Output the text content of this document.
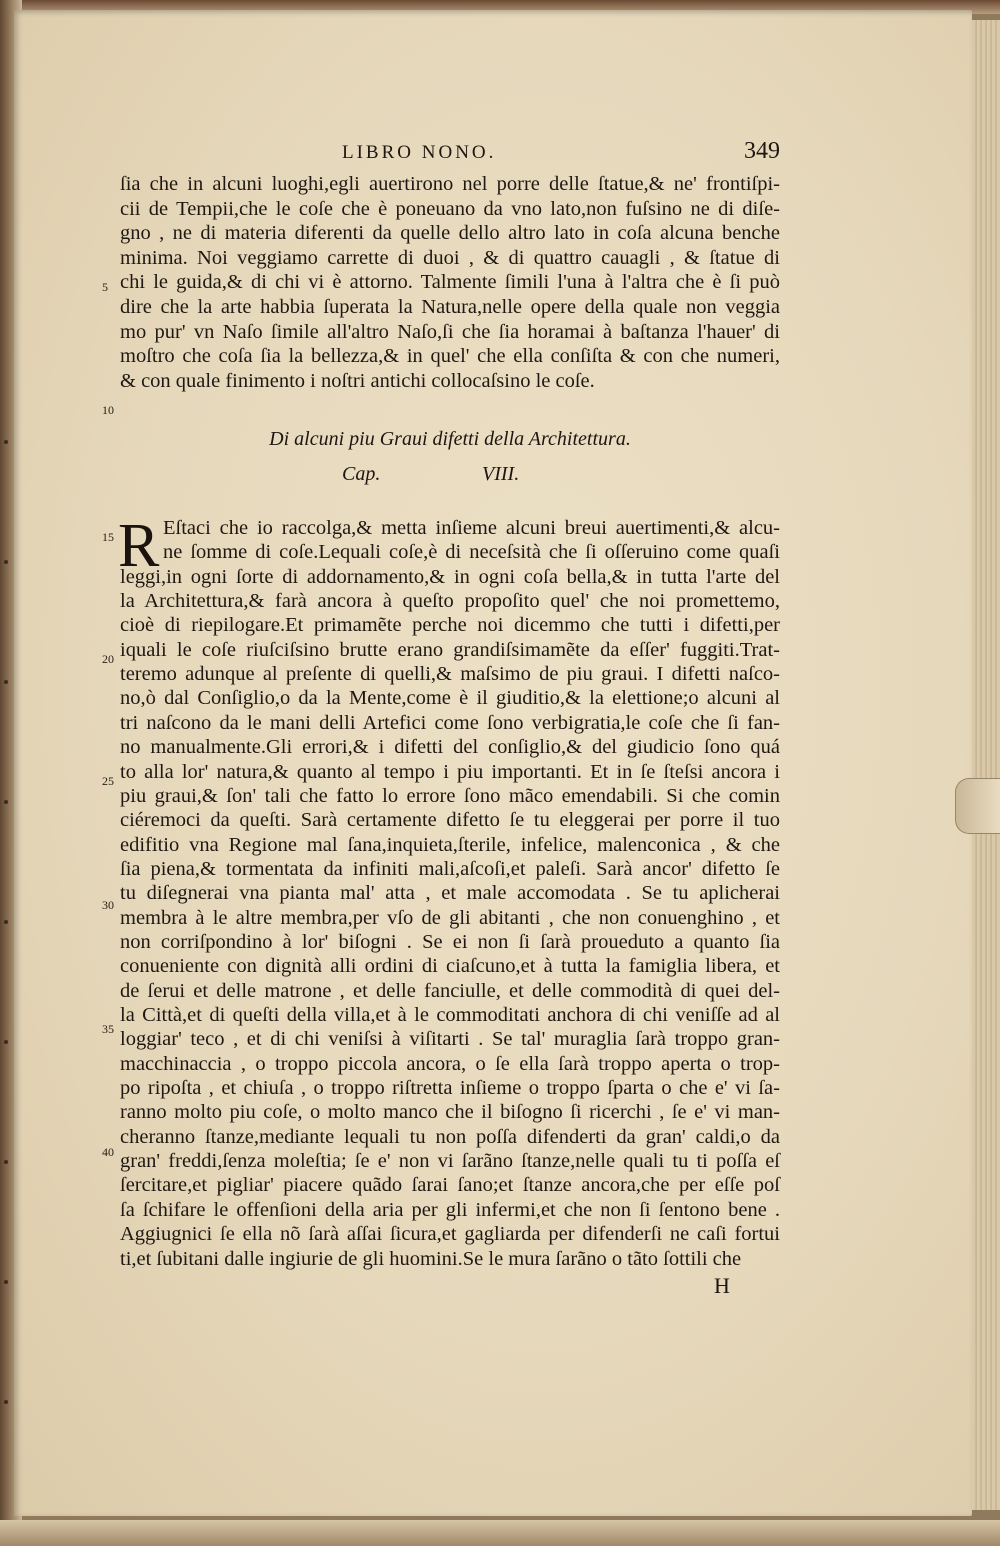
LIBRO NONO.	349
ſia che in alcuni luoghi,egli auertirono nel porre delle ſtatue,& ne' frontiſpi-
cii de Tempii,che le coſe che è poneuano da vno lato,non fuſsino ne di diſe-
gno , ne di materia diferenti da quelle dello altro lato in coſa alcuna benche
minima. Noi veggiamo carrette di duoi , & di quattro cauagli , & ſtatue di
chi le guida,& di chi vi è attorno. Talmente ſimili l'una à l'altra che è ſi può
dire che la arte habbia ſuperata la Natura,nelle opere della quale non veggia
mo pur' vn Naſo ſimile all'altro Naſo,ſi che ſia horamai à baſtanza l'hauer' di
moſtro che coſa ſia la bellezza,& in quel' che ella conſiſta & con che numeri,
& con quale finimento i noſtri antichi collocaſsino le coſe.
5
10
Di alcuni piu Graui difetti della Architettura.
Cap.	VIII.
R Eſtaci che io raccolga,& metta inſieme alcuni breui auertimenti,& alcu-
ne ſomme di coſe.Lequali coſe,è di neceſsità che ſi oſſeruino come quaſi
leggi,in ogni ſorte di addornamento,& in ogni coſa bella,& in tutta l'arte del
la Architettura,& farà ancora à queſto propoſito quel' che noi promettemo,
cioè di riepilogare.Et primamẽte perche noi dicemmo che tutti i difetti,per
iquali le coſe riuſciſsino brutte erano grandiſsimamẽte da eſſer' fuggiti.Trat-
teremo adunque al preſente di quelli,& maſsimo de piu graui. I difetti naſco-
no,ò dal Conſiglio,o da la Mente,come è il giuditio,& la elettione;o alcuni al
tri naſcono da le mani delli Artefici come ſono verbigratia,le coſe che ſi fan-
no manualmente.Gli errori,& i difetti del conſiglio,& del giudicio ſono quá
to alla lor' natura,& quanto al tempo i piu importanti. Et in ſe ſteſsi ancora i
piu graui,& ſon' tali che fatto lo errore ſono mãco emendabili. Si che comin
ciéremoci da queſti. Sarà certamente difetto ſe tu eleggerai per porre il tuo
edifitio vna Regione mal ſana,inquieta,ſterile, infelice, malenconica , & che
ſia piena,& tormentata da infiniti mali,aſcoſi,et paleſi. Sarà ancor' difetto ſe
tu diſegnerai vna pianta mal' atta , et male accomodata . Se tu aplicherai
membra à le altre membra,per vſo de gli abitanti , che non conuenghino , et
non corriſpondino à lor' biſogni . Se ei non ſi ſarà proueduto a quanto ſia
conueniente con dignità alli ordini di ciaſcuno,et à tutta la famiglia libera, et
de ſerui et delle matrone , et delle fanciulle, et delle commodità di quei del-
la Città,et di queſti della villa,et à le commoditati anchora di chi veniſſe ad al
loggiar' teco , et di chi veniſsi à viſitarti . Se tal' muraglia ſarà troppo gran-
macchinaccia , o troppo piccola ancora, o ſe ella ſarà troppo aperta o trop-
po ripoſta , et chiuſa , o troppo riſtretta inſieme o troppo ſparta o che e' vi ſa-
ranno molto piu coſe, o molto manco che il biſogno ſi ricerchi , ſe e' vi man-
cheranno ſtanze,mediante lequali tu non poſſa difenderti da gran' caldi,o da
gran' freddi,ſenza moleſtia; ſe e' non vi ſarãno ſtanze,nelle quali tu ti poſſa eſ
ſercitare,et pigliar' piacere quãdo ſarai ſano;et ſtanze ancora,che per eſſe poſ
ſa ſchifare le offenſioni della aria per gli infermi,et che non ſi ſentono bene .
Aggiugnici ſe ella nõ ſarà aſſai ſicura,et gagliarda per difenderſi ne caſi fortui
ti,et ſubitani dalle ingiurie de gli huomini.Se le mura ſarãno o tãto ſottili che
15
20
25
30
35
40
H
